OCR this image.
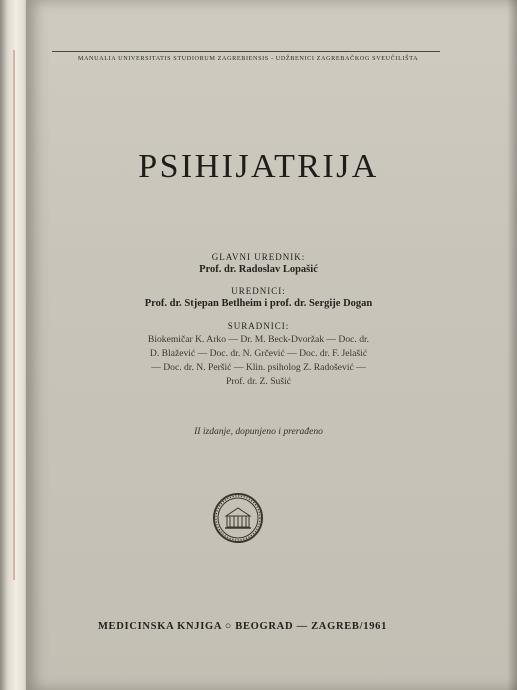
MANUALIA UNIVERSITATIS STUDIORUM ZAGREBIENSIS - UDŽBENICI ZAGREBAČKOG SVEUČILIŠTA
PSIHIJATRIJA
GLAVNI UREDNIK:
Prof. dr. Radoslav Lopašić
UREDNICI:
Prof. dr. Stjepan Betlheim i prof. dr. Sergije Dogan
SURADNICI:
Biokemičar K. Arko — Dr. M. Beck-Dvoržak — Doc. dr.
D. Blažević — Doc. dr. N. Grčević — Doc. dr. F. Jelašić
— Doc. dr. N. Peršić — Klin. psiholog Z. Radošević —
Prof. dr. Z. Sušić
II izdanje, dopunjeno i prerađeno
MEDICINSKA KNJIGA ○ BEOGRAD — ZAGREB/1961
